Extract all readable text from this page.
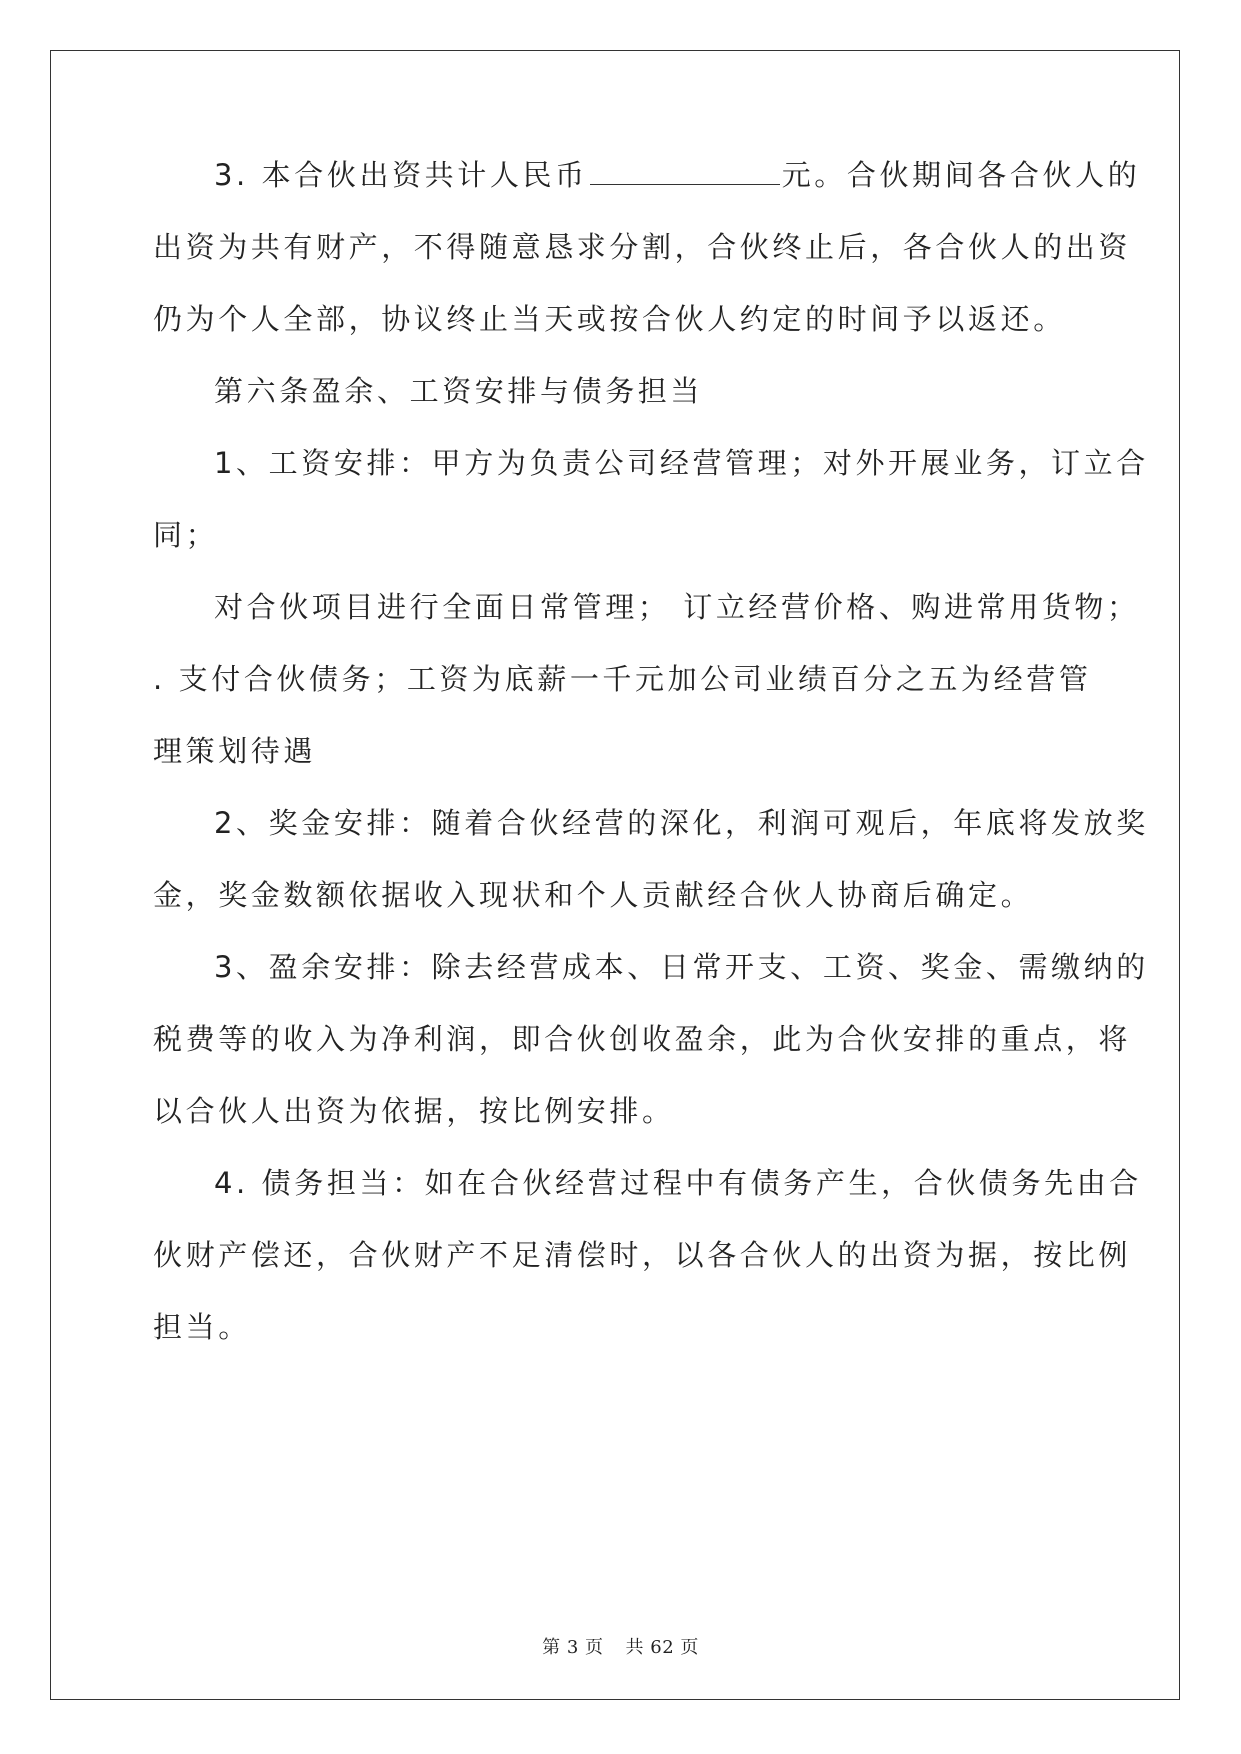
3. 本合伙出资共计人民币	元。合伙期间各合伙人的
出资为共有财产，不得随意恳求分割，合伙终止后，各合伙人的出资
仍为个人全部，协议终止当天或按合伙人约定的时间予以返还。
第六条盈余、工资安排与债务担当
1、工资安排：甲方为负责公司经营管理；对外开展业务，订立合
同；
对合伙项目进行全面日常管理； 订立经营价格、购进常用货物；
. 支付合伙债务；工资为底薪一千元加公司业绩百分之五为经营管
理策划待遇
2、奖金安排：随着合伙经营的深化，利润可观后，年底将发放奖
金，奖金数额依据收入现状和个人贡献经合伙人协商后确定。
3、盈余安排：除去经营成本、日常开支、工资、奖金、需缴纳的
税费等的收入为净利润，即合伙创收盈余，此为合伙安排的重点，将
以合伙人出资为依据，按比例安排。
4. 债务担当：如在合伙经营过程中有债务产生，合伙债务先由合
伙财产偿还，合伙财产不足清偿时，以各合伙人的出资为据，按比例
担当。
第 3 页 共 62 页
